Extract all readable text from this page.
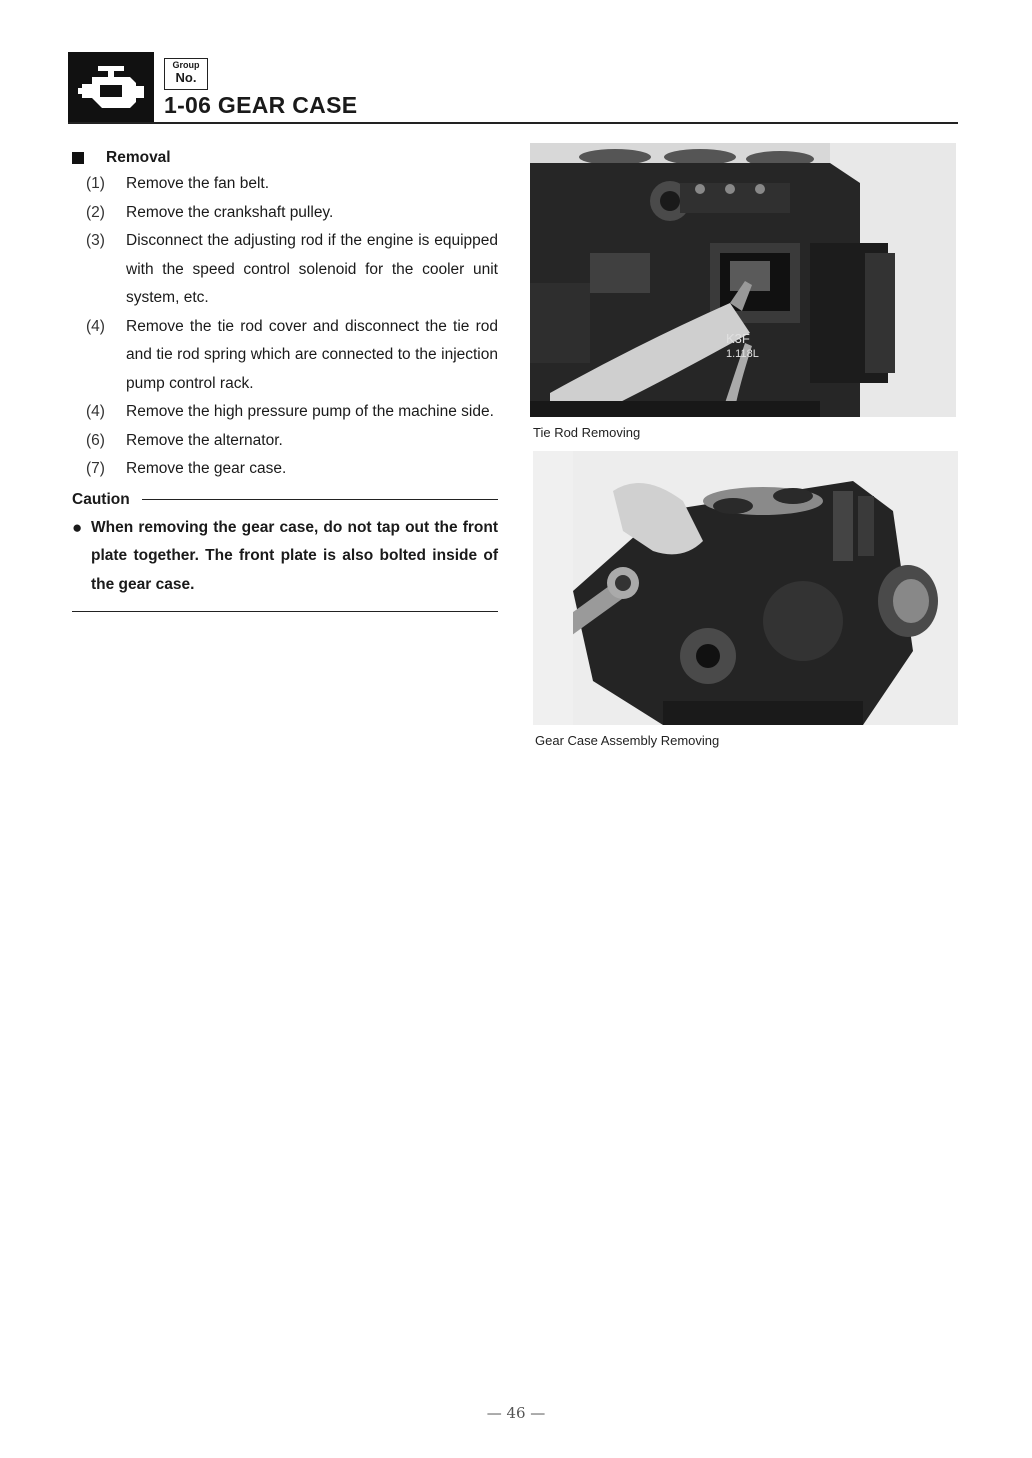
Group
No.
1-06 GEAR CASE
Removal
(1)	Remove the fan belt.
(2)	Remove the crankshaft pulley.
(3)	Disconnect the adjusting rod if the engine is equipped with the speed control solenoid for the cooler unit system, etc.
(4)	Remove the tie rod cover and disconnect the tie rod and tie rod spring which are connected to the injection pump control rack.
(4)	Remove the high pressure pump of the machine side.
(6)	Remove the alternator.
(7)	Remove the gear case.
Caution
● When removing the gear case, do not tap out the front plate together. The front plate is also bolted inside of the gear case.
K3F
1.118L
Tie Rod Removing
Gear Case Assembly Removing
— 46 —
